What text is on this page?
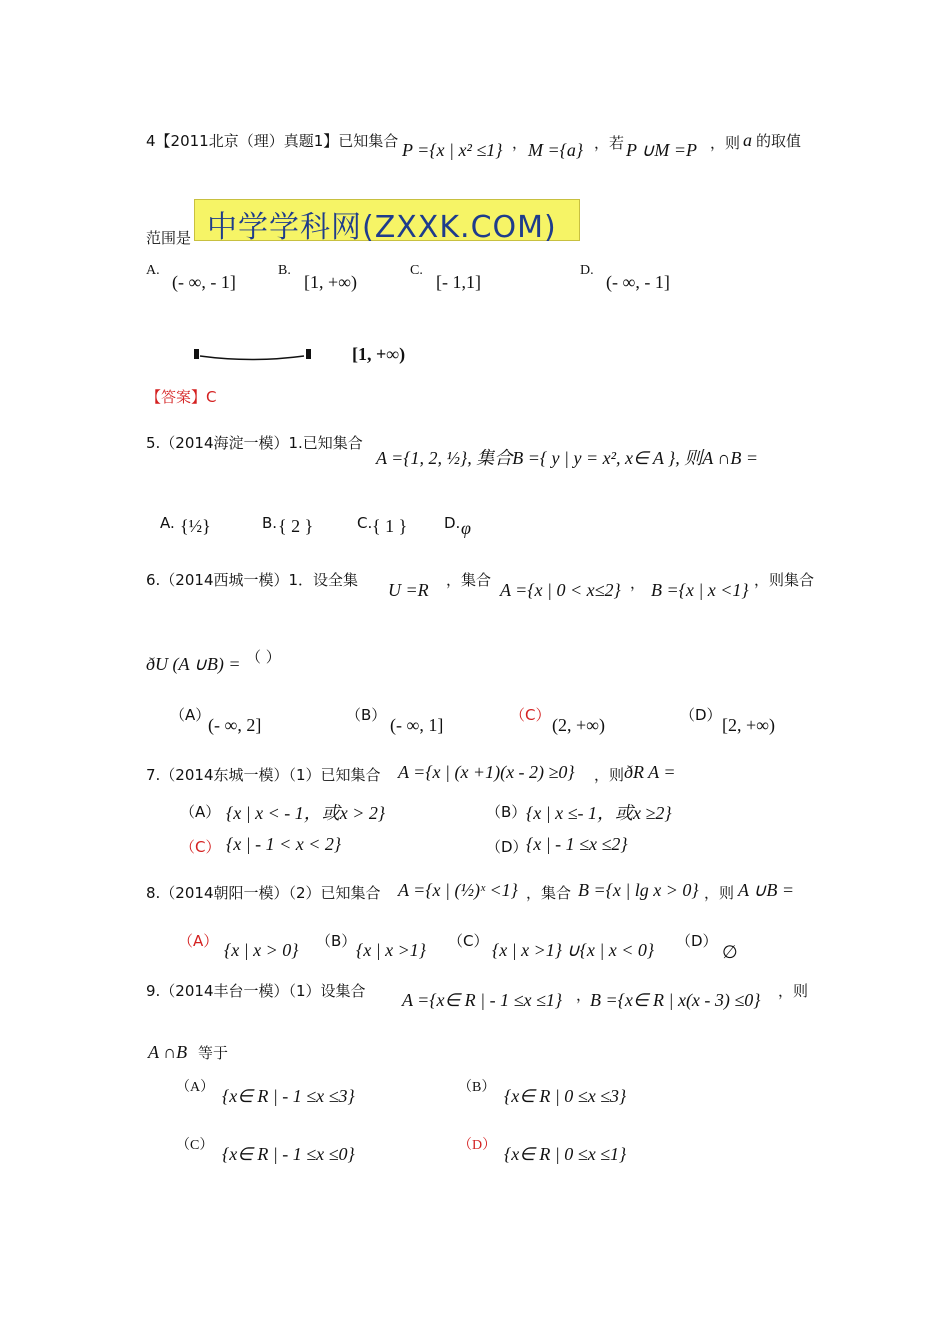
4【2011北京（理）真题1】已知集合 P ={x | x² ≤1} ， M ={a} ，若 P ∪M =P ，则 a 的取值
范围是 中学学科网(ZXXK.COM)
A.
(- ∞, - 1]
B.
[1, +∞)
C.
[- 1,1]
D.
(- ∞, - 1]
[1, +∞)
【答案】C
5.（2014海淀一模）1.已知集合
A ={1, 2, ½}, 集合B ={ y | y = x², x∈ A }, 则A ∩B =
A. {½}	B. { 2 }	C. { 1 } D. φ
6.（2014西城一模）1．设全集 U =R ，集合 A ={x | 0 < x≤2} ， B ={x | x <1} ，则集合
ðU (A ∪B) = （ ）
（A）
(- ∞, 2]	（B） (- ∞, 1]	（C） (2, +∞)	（D） [2, +∞)
7.（2014东城一模）（1）已知集合 A ={x | (x +1)(x - 2) ≥0} ，则 ðR A =
（A） {x | x < - 1，或x > 2}	（B） {x | x ≤- 1，或x ≥2}
（C） {x | - 1 < x < 2}	（D）
{x | - 1 ≤x ≤2}
8.（2014朝阳一模）（2）已知集合 A ={x | (½)ˣ <1} ，集合 B ={x | lg x > 0} ，则 A ∪B =
（A） {x | x > 0} （B） {x | x >1} （C） {x | x >1} ∪{x | x < 0} （D）
∅
9.（2014丰台一模）（1）设集合 A ={x∈ R | - 1 ≤x ≤1} ，
B ={x∈ R | x(x - 3) ≤0} ，则
A ∩B 等于
（A） {x∈ R | - 1 ≤x ≤3}	（B） {x∈ R | 0 ≤x ≤3}
（C） {x∈ R | - 1 ≤x ≤0}	（D） {x∈ R | 0 ≤x ≤1}
